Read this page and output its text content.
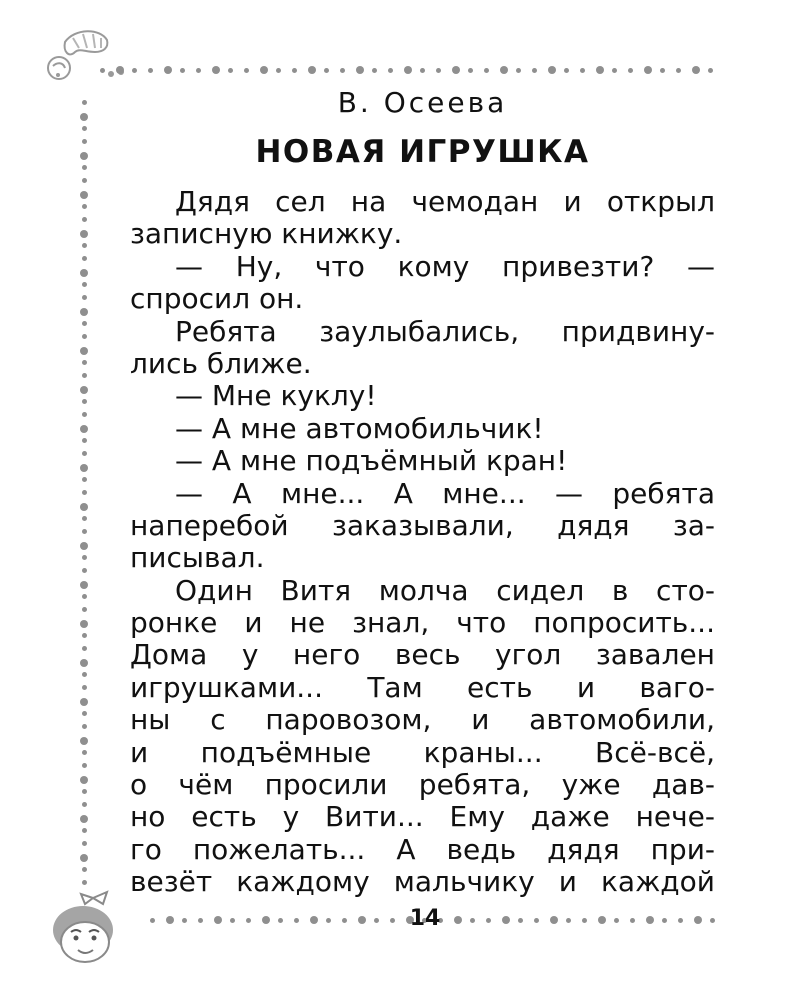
В. Осеева
НОВАЯ ИГРУШКА
Дядя сел на чемодан и открыл
записную книжку.
— Ну, что кому привезти? —
спросил он.
Ребята заулыбались, придвину-
лись ближе.
— Мне куклу!
— А мне автомобильчик!
— А мне подъёмный кран!
— А мне... А мне... — ребята
наперебой заказывали, дядя за-
писывал.
Один Витя молча сидел в сто-
ронке и не знал, что попросить...
Дома у него весь угол завален
игрушками... Там есть и ваго-
ны с паровозом, и автомобили,
и подъёмные краны... Всё-всё,
о чём просили ребята, уже дав-
но есть у Вити... Ему даже нече-
го пожелать... А ведь дядя при-
везёт каждому мальчику и каждой
14
